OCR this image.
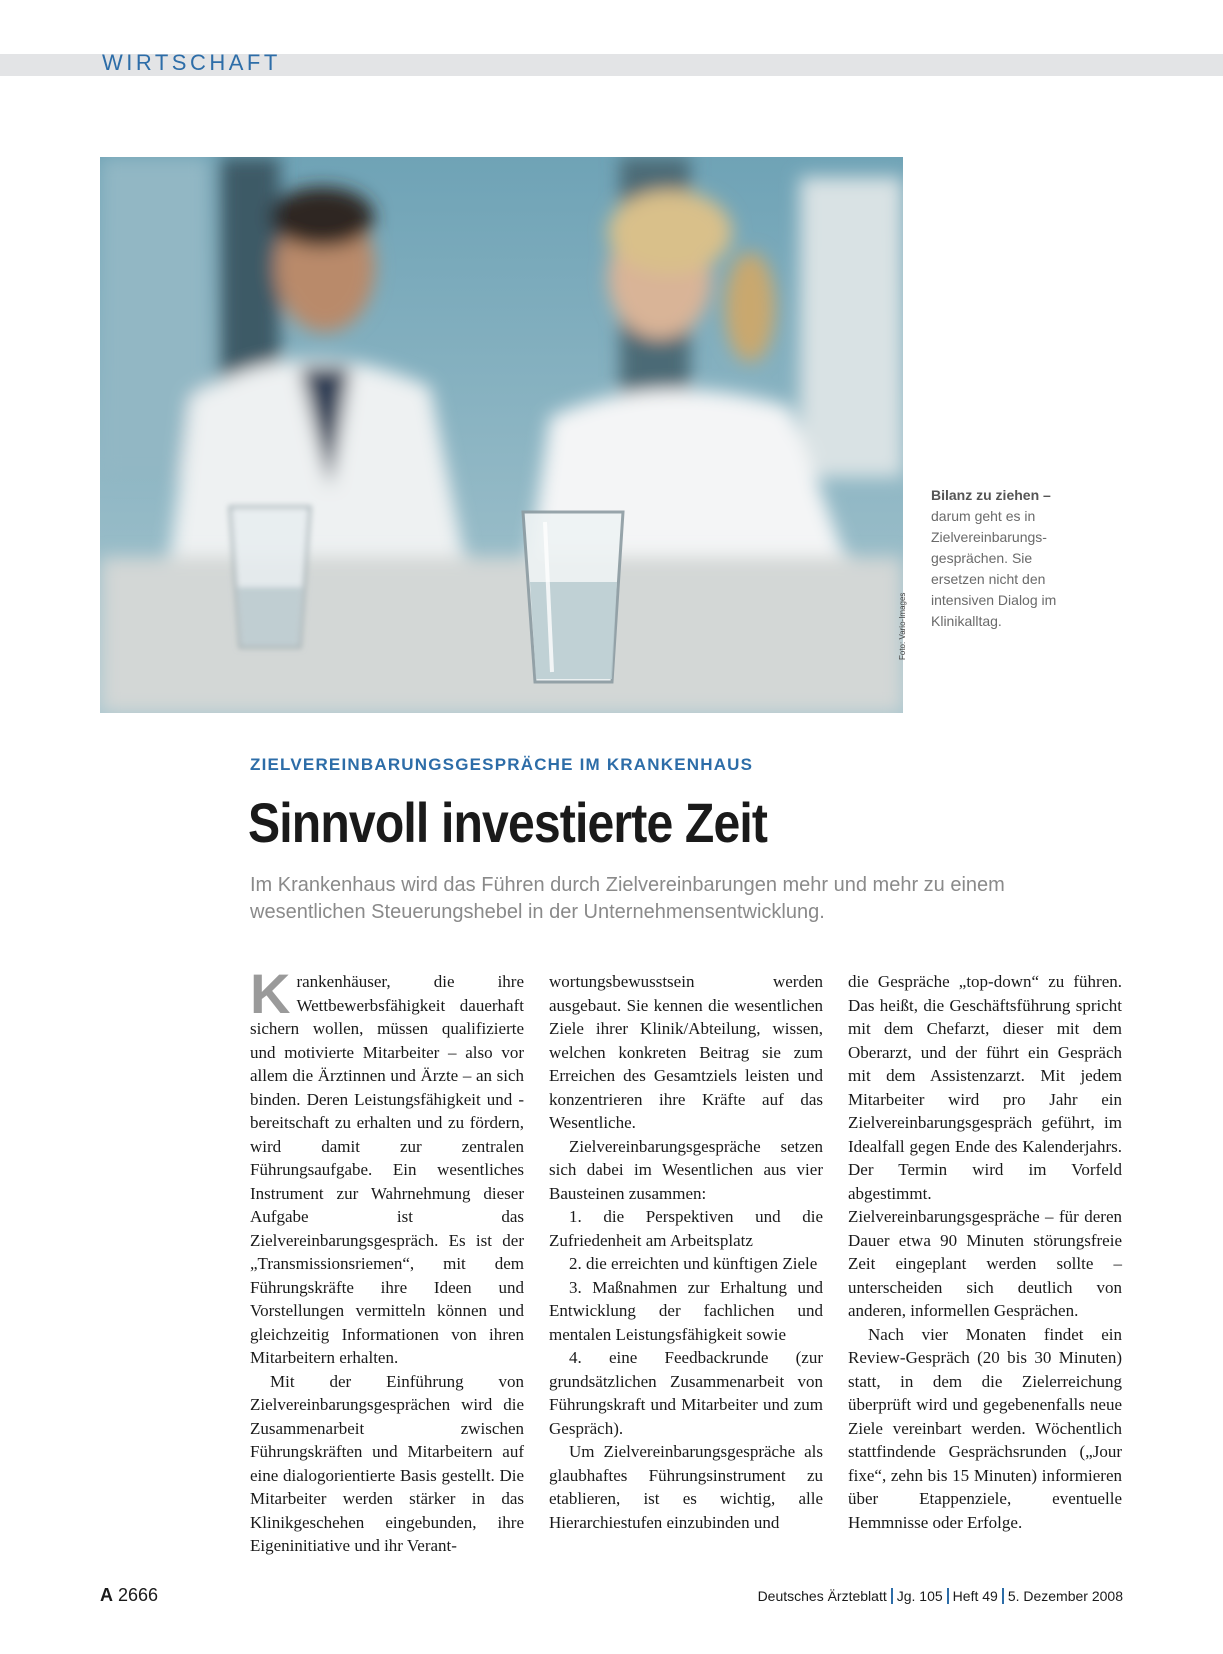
WIRTSCHAFT
Foto: Vario-Images
Bilanz zu ziehen – darum geht es in Zielvereinbarungsgesprächen. Sie ersetzen nicht den intensiven Dialog im Klinikalltag.
ZIELVEREINBARUNGSGESPRÄCHE IM KRANKENHAUS
Sinnvoll investierte Zeit
Im Krankenhaus wird das Führen durch Zielvereinbarungen mehr und mehr zu einem wesentlichen Steuerungshebel in der Unternehmensentwicklung.

Krankenhäuser, die ihre Wettbewerbsfähigkeit dauerhaft sichern wollen, müssen qualifizierte und motivierte Mitarbeiter – also vor allem die Ärztinnen und Ärzte – an sich binden. Deren Leistungsfähigkeit und -bereitschaft zu erhalten und zu fördern, wird damit zur zentralen Führungsaufgabe. Ein wesentliches Instrument zur Wahrnehmung dieser Aufgabe ist das Zielvereinbarungsgespräch. Es ist der „Transmissionsriemen“, mit dem Führungskräfte ihre Ideen und Vorstellungen vermitteln können und gleichzeitig Informationen von ihren Mitarbeitern erhalten.

Mit der Einführung von Zielvereinbarungsgesprächen wird die Zusammenarbeit zwischen Führungskräften und Mitarbeitern auf eine dialogorientierte Basis gestellt. Die Mitarbeiter werden stärker in das Klinikgeschehen eingebunden, ihre Eigeninitiative und ihr Verant-

wortungsbewusstsein werden ausgebaut. Sie kennen die wesentlichen Ziele ihrer Klinik/Abteilung, wissen, welchen konkreten Beitrag sie zum Erreichen des Gesamtziels leisten und konzentrieren ihre Kräfte auf das Wesentliche.

Zielvereinbarungsgespräche setzen sich dabei im Wesentlichen aus vier Bausteinen zusammen:

1. die Perspektiven und die Zufriedenheit am Arbeitsplatz

2. die erreichten und künftigen Ziele

3. Maßnahmen zur Erhaltung und Entwicklung der fachlichen und mentalen Leistungsfähigkeit sowie

4. eine Feedbackrunde (zur grundsätzlichen Zusammenarbeit von Führungskraft und Mitarbeiter und zum Gespräch).

Um Zielvereinbarungsgespräche als glaubhaftes Führungsinstrument zu etablieren, ist es wichtig, alle Hierarchiestufen einzubinden und

die Gespräche „top-down“ zu führen. Das heißt, die Geschäftsführung spricht mit dem Chefarzt, dieser mit dem Oberarzt, und der führt ein Gespräch mit dem Assistenzarzt. Mit jedem Mitarbeiter wird pro Jahr ein Zielvereinbarungsgespräch geführt, im Idealfall gegen Ende des Kalenderjahrs. Der Termin wird im Vorfeld abgestimmt. Zielvereinbarungsgespräche – für deren Dauer etwa 90 Minuten störungsfreie Zeit eingeplant werden sollte – unterscheiden sich deutlich von anderen, informellen Gesprächen.

Nach vier Monaten findet ein Review-Gespräch (20 bis 30 Minuten) statt, in dem die Zielerreichung überprüft wird und gegebenenfalls neue Ziele vereinbart werden. Wöchentlich stattfindende Gesprächsrunden („Jour fixe“, zehn bis 15 Minuten) informieren über Etappenziele, eventuelle Hemmnisse oder Erfolge.

A 2666	Deutsches Ärzteblatt Jg. 105 Heft 49 5. Dezember 2008
